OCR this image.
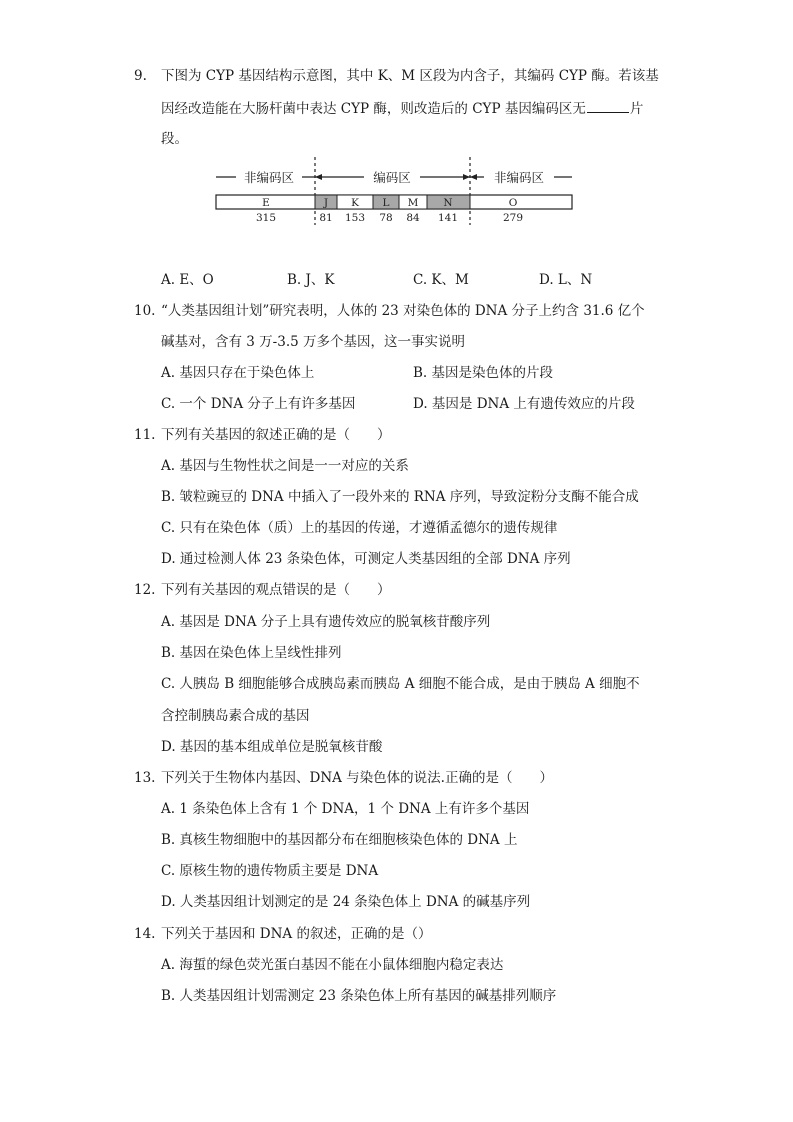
9. 下图为 CYP 基因结构示意图，其中 K、M 区段为内含子，其编码 CYP 酶。若该基
因经改造能在大肠杆菌中表达 CYP 酶，则改造后的 CYP 基因编码区无	片
段。
非编码区	编码区	非编码区
E	J K L M N	O
315	81 153 78 84 141	279
A. E、O	B. J、K	C. K、M	D. L、N
10. “人类基因组计划”研究表明，人体的 23 对染色体的 DNA 分子上约含 31.6 亿个
碱基对，含有 3 万-3.5 万多个基因，这一事实说明
A. 基因只存在于染色体上	B. 基因是染色体的片段
C. 一个 DNA 分子上有许多基因	D. 基因是 DNA 上有遗传效应的片段
11. 下列有关基因的叙述正确的是（　　）
A. 基因与生物性状之间是一一对应的关系
B. 皱粒豌豆的 DNA 中插入了一段外来的 RNA 序列，导致淀粉分支酶不能合成
C. 只有在染色体（质）上的基因的传递，才遵循孟德尔的遗传规律
D. 通过检测人体 23 条染色体，可测定人类基因组的全部 DNA 序列
12. 下列有关基因的观点错误的是（　　）
A. 基因是 DNA 分子上具有遗传效应的脱氧核苷酸序列
B. 基因在染色体上呈线性排列
C. 人胰岛 B 细胞能够合成胰岛素而胰岛 A 细胞不能合成，是由于胰岛 A 细胞不
含控制胰岛素合成的基因
D. 基因的基本组成单位是脱氧核苷酸
13. 下列关于生物体内基因、DNA 与染色体的说法.正确的是（　　）
A. 1 条染色体上含有 1 个 DNA，1 个 DNA 上有许多个基因
B. 真核生物细胞中的基因都分布在细胞核染色体的 DNA 上
C. 原核生物的遗传物质主要是 DNA
D. 人类基因组计划测定的是 24 条染色体上 DNA 的碱基序列
14. 下列关于基因和 DNA 的叙述，正确的是（）
A. 海蜇的绿色荧光蛋白基因不能在小鼠体细胞内稳定表达
B. 人类基因组计划需测定 23 条染色体上所有基因的碱基排列顺序
